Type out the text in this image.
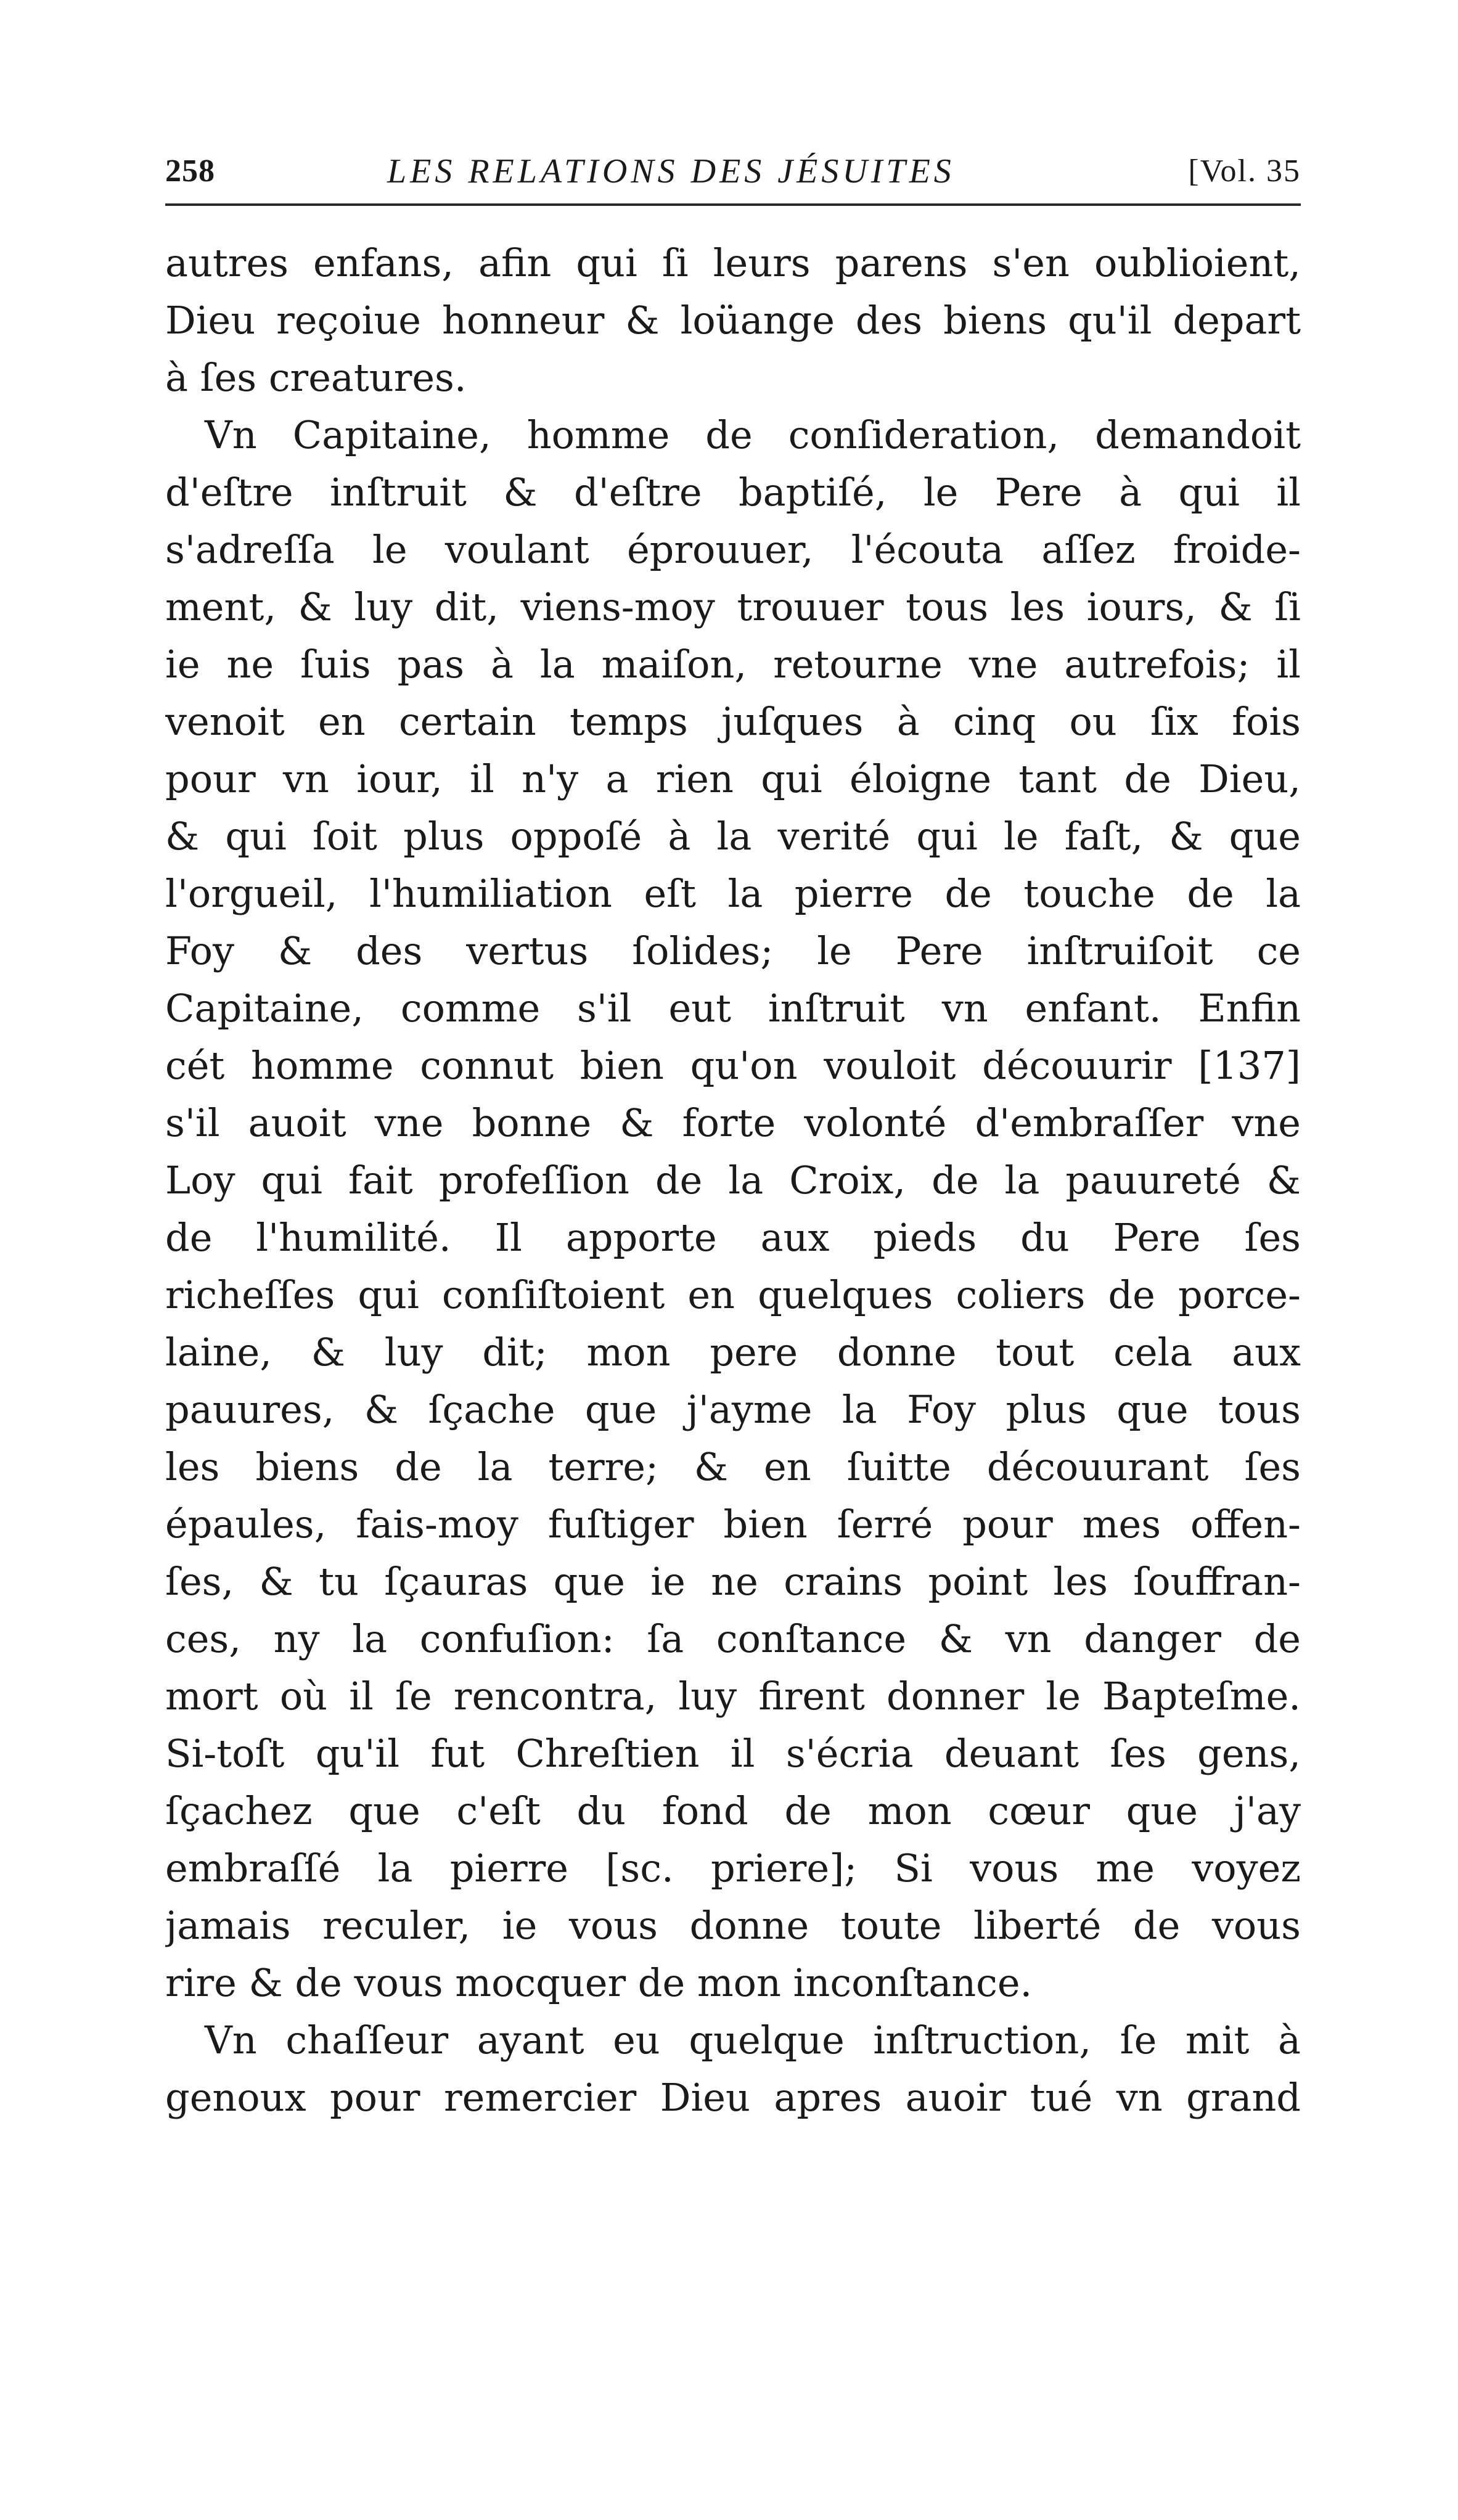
258	LES RELATIONS DES JÉSUITES	[Vol. 35
autres enfans, afin qui ſi leurs parens s'en oublioient,
Dieu reçoiue honneur & loüange des biens qu'il depart
à ſes creatures.
Vn Capitaine, homme de conſideration, demandoit
d'eſtre inſtruit & d'eſtre baptiſé, le Pere à qui il
s'adreſſa le voulant éprouuer, l'écouta aſſez froide-
ment, & luy dit, viens-moy trouuer tous les iours, & ſi
ie ne ſuis pas à la maiſon, retourne vne autrefois; il
venoit en certain temps juſques à cinq ou ſix fois
pour vn iour, il n'y a rien qui éloigne tant de Dieu,
& qui ſoit plus oppoſé à la verité qui le faſt, & que
l'orgueil, l'humiliation eſt la pierre de touche de la
Foy & des vertus ſolides; le Pere inſtruiſoit ce
Capitaine, comme s'il eut inſtruit vn enfant. Enfin
cét homme connut bien qu'on vouloit découurir [137]
s'il auoit vne bonne & forte volonté d'embraſſer vne
Loy qui fait profeſſion de la Croix, de la pauureté &
de l'humilité. Il apporte aux pieds du Pere ſes
richeſſes qui conſiſtoient en quelques coliers de porce-
laine, & luy dit; mon pere donne tout cela aux
pauures, & ſçache que j'ayme la Foy plus que tous
les biens de la terre; & en ſuitte découurant ſes
épaules, fais-moy fuſtiger bien ſerré pour mes offen-
ſes, & tu ſçauras que ie ne crains point les ſouffran-
ces, ny la confuſion: ſa conſtance & vn danger de
mort où il ſe rencontra, luy firent donner le Bapteſme.
Si-toſt qu'il fut Chreſtien il s'écria deuant ſes gens,
ſçachez que c'eſt du fond de mon cœur que j'ay
embraſſé la pierre [sc. priere]; Si vous me voyez
jamais reculer, ie vous donne toute liberté de vous
rire & de vous mocquer de mon inconſtance.
Vn chaſſeur ayant eu quelque inſtruction, ſe mit à
genoux pour remercier Dieu apres auoir tué vn grand
